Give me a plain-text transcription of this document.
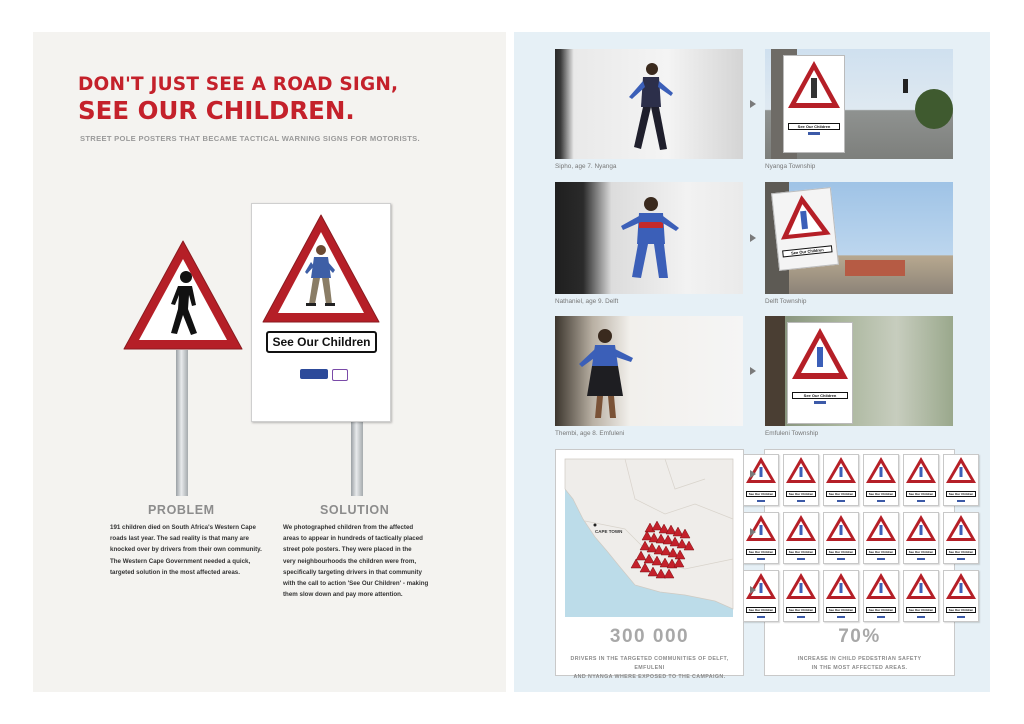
DON'T JUST SEE A ROAD SIGN,
SEE OUR CHILDREN.
STREET POLE POSTERS THAT BECAME TACTICAL WARNING SIGNS FOR MOTORISTS.
See Our Children
PROBLEM
191 children died on South Africa's Western Cape
roads last year. The sad reality is that many are
knocked over by drivers from their own community.
The Western Cape Government needed a quick,
targeted solution in the most affected areas.
SOLUTION
We photographed children from the affected
areas to appear in hundreds of tactically placed
street pole posters. They were placed in the
very neighbourhoods the children were from,
specifically targeting drivers in that community
with the call to action 'See Our Children' - making
them slow down and pay more attention.
Sipho, age 7. Nyanga
See Our Children
Nyanga Township
Nathaniel, age 9. Delft
See Our Children
Delft Township
Thembi, age 8. Emfuleni
See Our Children
Emfuleni Township
CAPE TOWN
300 000
DRIVERS IN THE TARGETED COMMUNITIES OF DELFT, EMFULENI
AND NYANGA WHERE EXPOSED TO THE CAMPAIGN.
See Our Children	See Our Children	See Our Children	See Our Children	See Our Children	See Our Children
See Our Children	See Our Children	See Our Children	See Our Children	See Our Children	See Our Children
See Our Children	See Our Children	See Our Children	See Our Children	See Our Children	See Our Children
70%
INCREASE IN CHILD PEDESTRIAN SAFETY
IN THE MOST AFFECTED AREAS.
